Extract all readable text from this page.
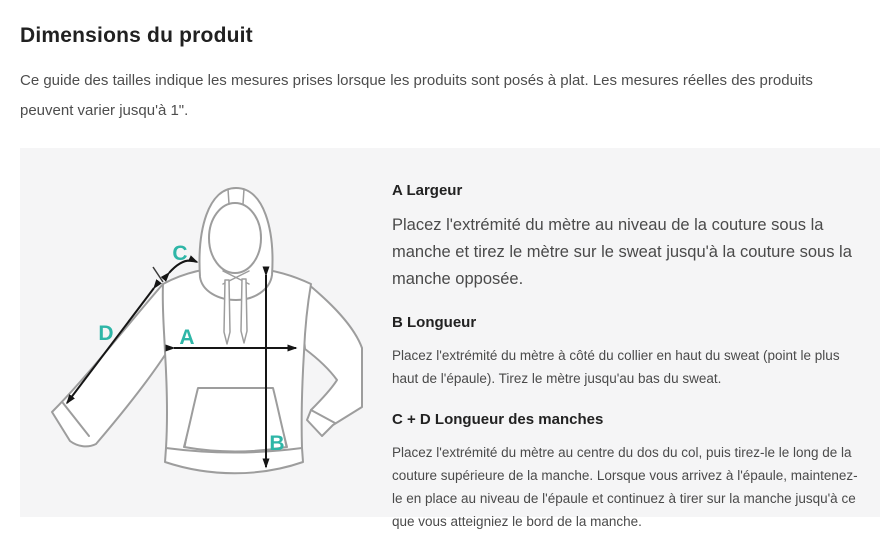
Dimensions du produit

Ce guide des tailles indique les mesures prises lorsque les produits sont posés à plat. Les mesures réelles des produits peuvent varier jusqu'à 1".

A
B
C
D
A Largeur

Placez l'extrémité du mètre au niveau de la couture sous la manche et tirez le mètre sur le sweat jusqu'à la couture sous la manche opposée.

B Longueur

Placez l'extrémité du mètre à côté du collier en haut du sweat (point le plus haut de l'épaule). Tirez le mètre jusqu'au bas du sweat.

C + D Longueur des manches

Placez l'extrémité du mètre au centre du dos du col, puis tirez-le le long de la couture supérieure de la manche. Lorsque vous arrivez à l'épaule, maintenez-le en place au niveau de l'épaule et continuez à tirer sur la manche jusqu'à ce que vous atteigniez le bord de la manche.
